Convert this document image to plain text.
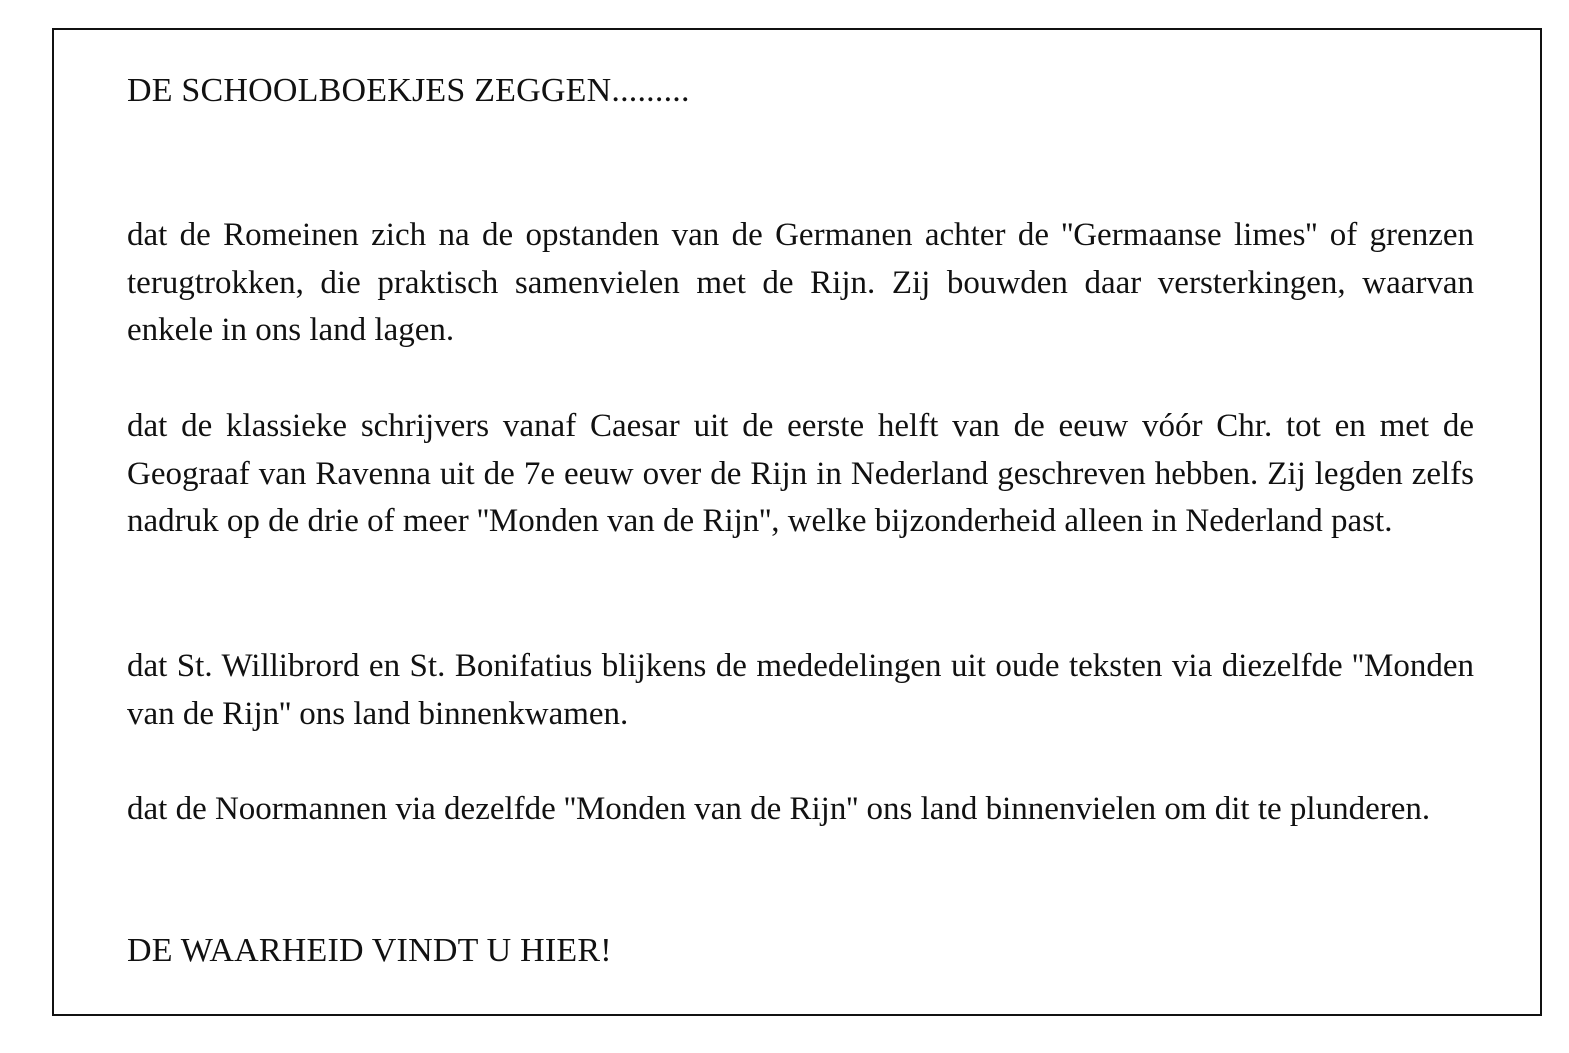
DE SCHOOLBOEKJES ZEGGEN.........

dat de Romeinen zich na de opstanden van de Germanen achter de ''Germaanse limes'' of grenzen terugtrokken, die praktisch samenvielen met de Rijn. Zij bouwden daar versterkingen, waarvan enkele in ons land lagen.

dat de klassieke schrijvers vanaf Caesar uit de eerste helft van de eeuw vóór Chr. tot en met de Geograaf van Ravenna uit de 7e eeuw over de Rijn in Nederland geschreven hebben. Zij legden zelfs nadruk op de drie of meer ''Monden van de Rijn'', welke bijzonderheid alleen in Nederland past.

dat St. Willibrord en St. Bonifatius blijkens de mededelingen uit oude teksten via diezelfde ''Monden van de Rijn'' ons land binnenkwamen.

dat de Noormannen via dezelfde ''Monden van de Rijn'' ons land binnenvielen om dit te plunderen.

DE WAARHEID VINDT U HIER!
